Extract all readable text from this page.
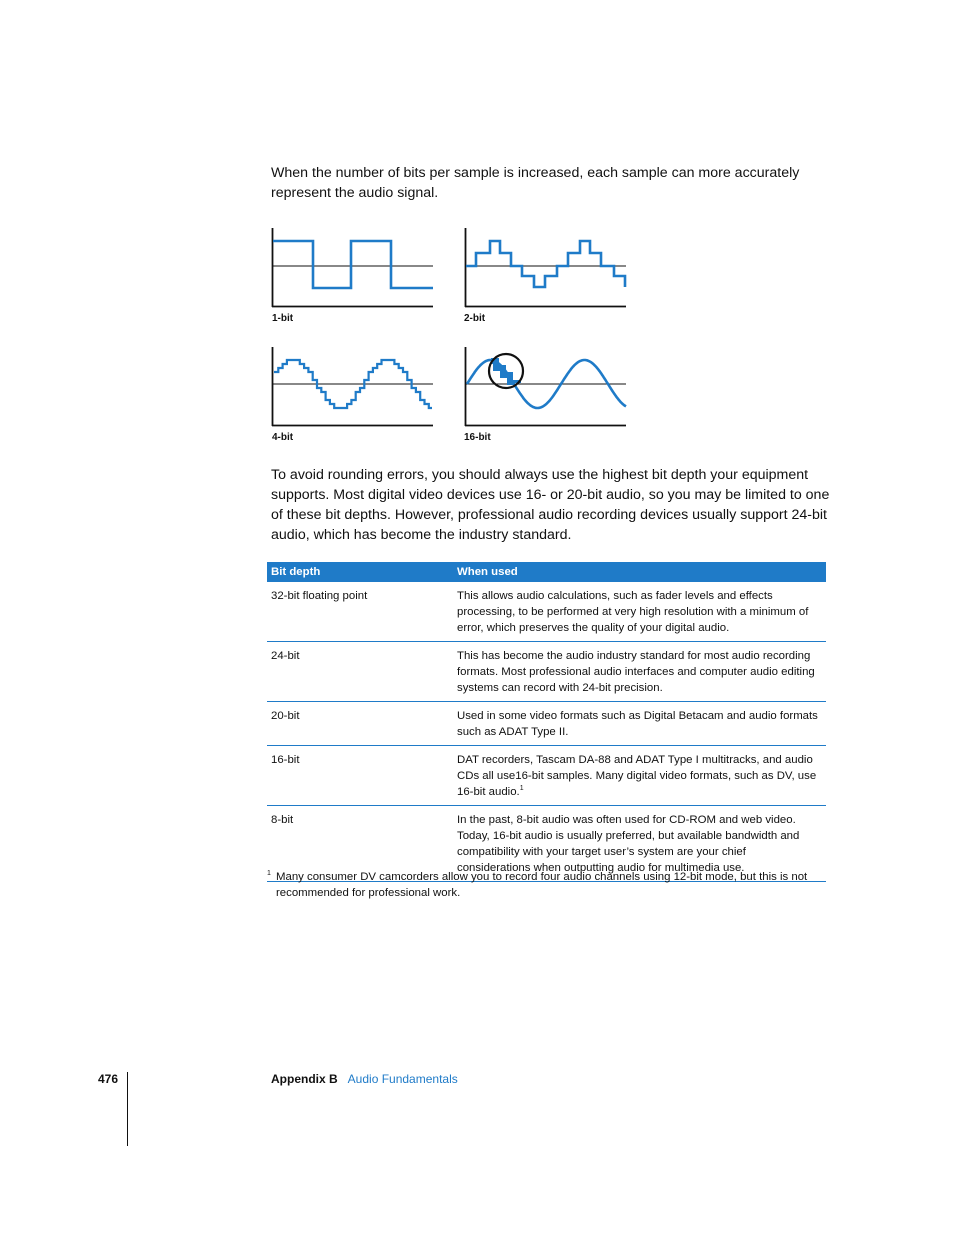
When the number of bits per sample is increased, each sample can more accurately represent the audio signal.

1-bit	2-bit
4-bit	16-bit

To avoid rounding errors, you should always use the highest bit depth your equipment supports. Most digital video devices use 16- or 20-bit audio, so you may be limited to one of these bit depths. However, professional audio recording devices usually support 24-bit audio, which has become the industry standard.

Bit depth	When used
32-bit floating point	This allows audio calculations, such as fader levels and effects processing, to be performed at very high resolution with a minimum of error, which preserves the quality of your digital audio.
24-bit	This has become the audio industry standard for most audio recording formats. Most professional audio interfaces and computer audio editing systems can record with 24-bit precision.
20-bit	Used in some video formats such as Digital Betacam and audio formats such as ADAT Type II.
16-bit	DAT recorders, Tascam DA-88 and ADAT Type I multitracks, and audio CDs all use16-bit samples. Many digital video formats, such as DV, use 16-bit audio.$^1$
8-bit	In the past, 8-bit audio was often used for CD-ROM and web video. Today, 16-bit audio is usually preferred, but available bandwidth and compatibility with your target user’s system are your chief considerations when outputting audio for multimedia use.
1 Many consumer DV camcorders allow you to record four audio channels using 12-bit mode, but this is not recommended for professional work.
476	Appendix B Audio Fundamentals
